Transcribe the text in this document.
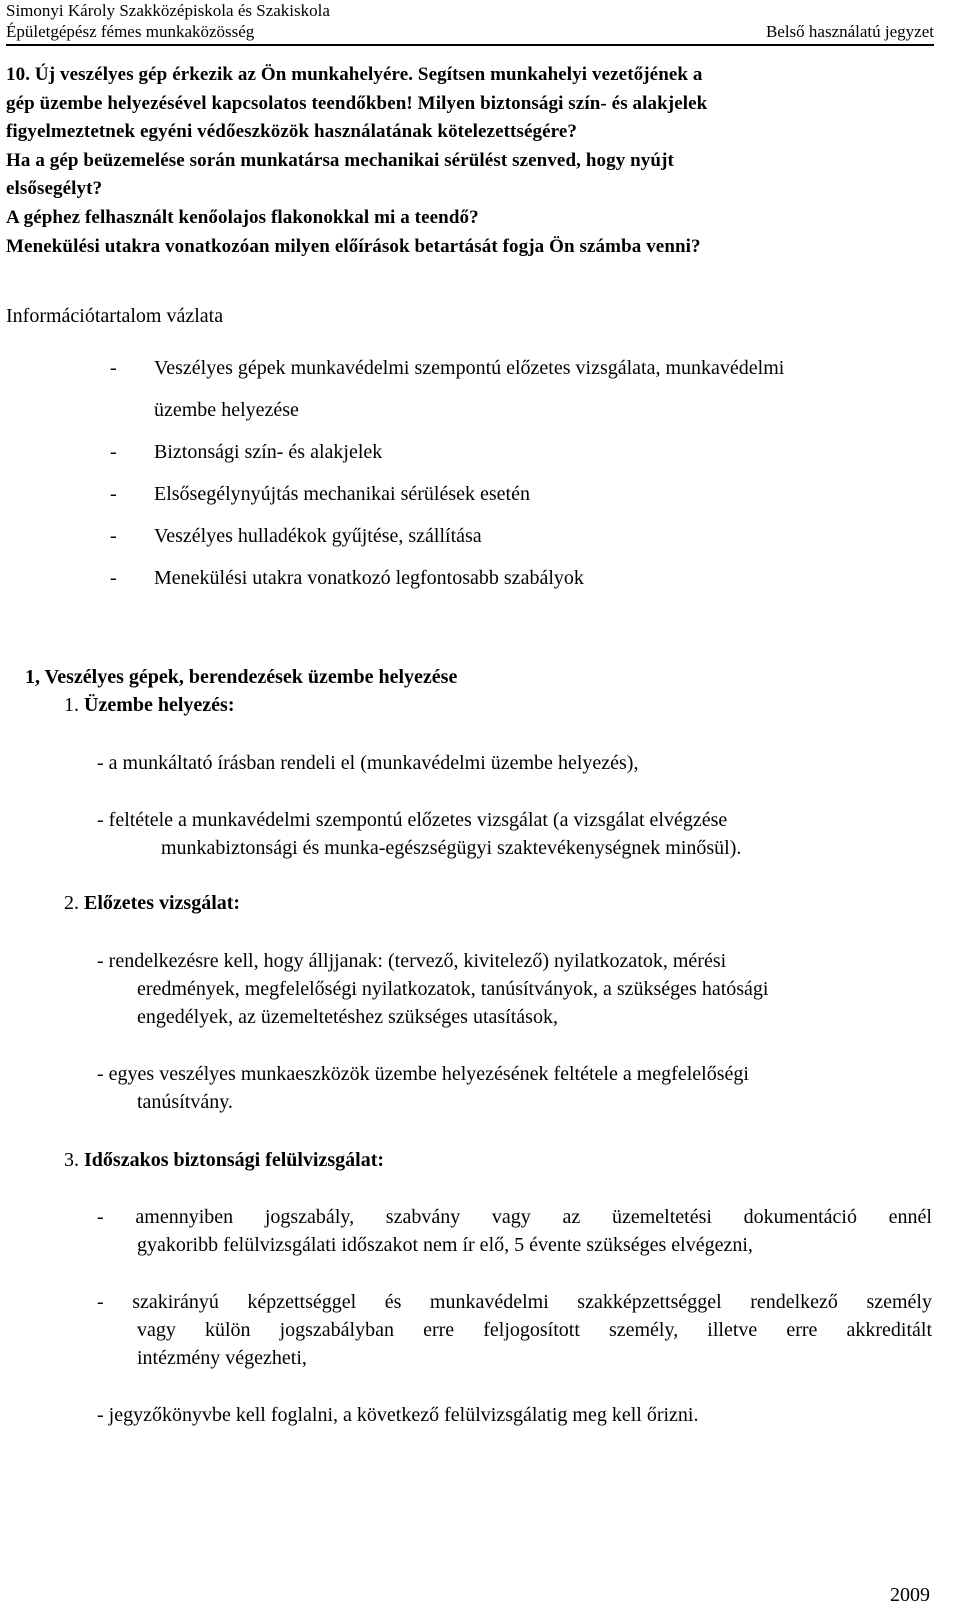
Simonyi Károly Szakközépiskola és Szakiskola
Épületgépész fémes munkaközösség	Belső használatú jegyzet
10. Új veszélyes gép érkezik az Ön munkahelyére. Segítsen munkahelyi vezetőjének a
gép üzembe helyezésével kapcsolatos teendőkben! Milyen biztonsági szín- és alakjelek
figyelmeztetnek egyéni védőeszközök használatának kötelezettségére?
Ha a gép beüzemelése során munkatársa mechanikai sérülést szenved, hogy nyújt
elsősegélyt?
A géphez felhasznált kenőolajos flakonokkal mi a teendő?
Menekülési utakra vonatkozóan milyen előírások betartását fogja Ön számba venni?
Információtartalom vázlata
- Veszélyes gépek munkavédelmi szempontú előzetes vizsgálata, munkavédelmi
üzembe helyezése
- Biztonsági szín- és alakjelek
- Elsősegélynyújtás mechanikai sérülések esetén
- Veszélyes hulladékok gyűjtése, szállítása
- Menekülési utakra vonatkozó legfontosabb szabályok
1, Veszélyes gépek, berendezések üzembe helyezése
1. Üzembe helyezés:
- a munkáltató írásban rendeli el (munkavédelmi üzembe helyezés),
- feltétele a munkavédelmi szempontú előzetes vizsgálat (a vizsgálat elvégzése
munkabiztonsági és munka-egészségügyi szaktevékenységnek minősül).
2. Előzetes vizsgálat:
- rendelkezésre kell, hogy álljjanak: (tervező, kivitelező) nyilatkozatok, mérési
eredmények, megfelelőségi nyilatkozatok, tanúsítványok, a szükséges hatósági
engedélyek, az üzemeltetéshez szükséges utasítások,
- egyes veszélyes munkaeszközök üzembe helyezésének feltétele a megfelelőségi
tanúsítvány.
3. Időszakos biztonsági felülvizsgálat:
- amennyiben jogszabály, szabvány vagy az üzemeltetési dokumentáció ennél
gyakoribb felülvizsgálati időszakot nem ír elő, 5 évente szükséges elvégezni,
- szakirányú képzettséggel és munkavédelmi szakképzettséggel rendelkező személy
vagy külön jogszabályban erre feljogosított személy, illetve erre akkreditált
intézmény végezheti,
- jegyzőkönyvbe kell foglalni, a következő felülvizsgálatig meg kell őrizni.
2009
